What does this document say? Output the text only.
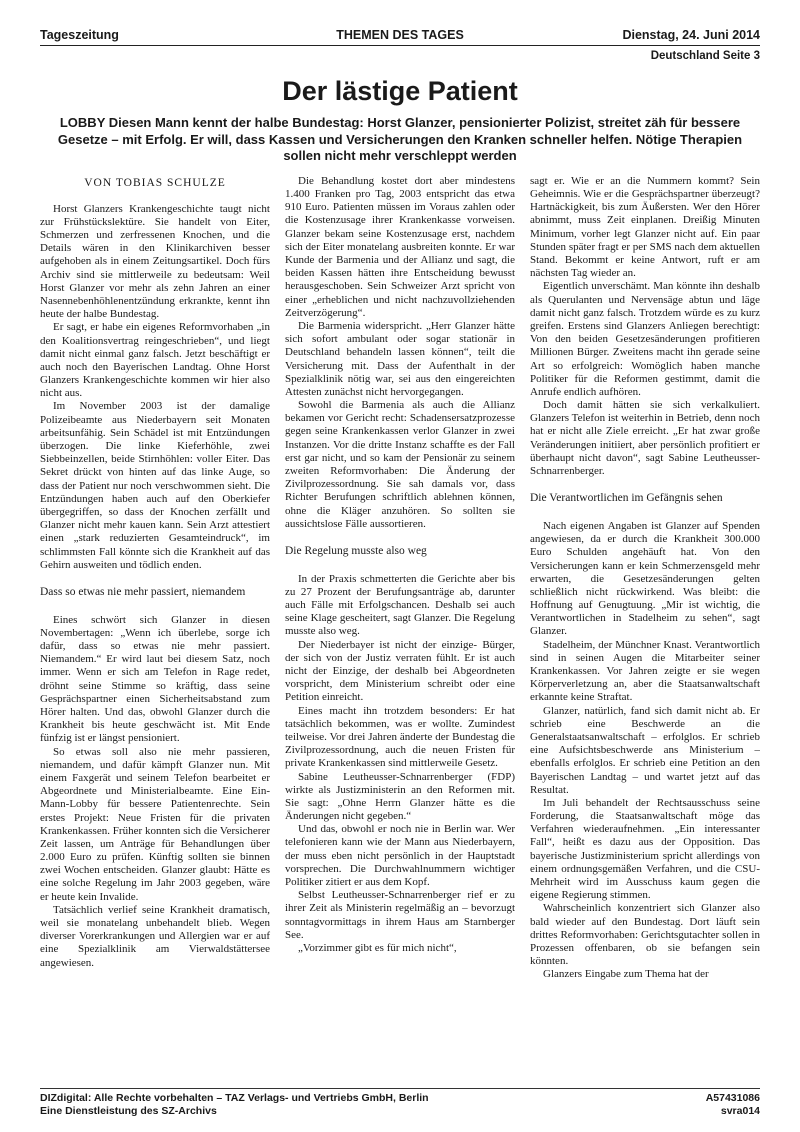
Tageszeitung	THEMEN DES TAGES	Dienstag, 24. Juni 2014
Deutschland Seite 3
Der lästige Patient

LOBBY Diesen Mann kennt der halbe Bundestag: Horst Glanzer, pensionierter Polizist, streitet zäh für bessere Gesetze – mit Erfolg. Er will, dass Kassen und Versicherungen den Kranken schneller helfen. Nötige Therapien sollen nicht mehr verschleppt werden

VON TOBIAS SCHULZE

Horst Glanzers Krankengeschichte taugt nicht zur Frühstückslektüre. Sie handelt von Eiter, Schmerzen und zerfressenen Knochen, und die Details wären in den Klinikarchiven besser aufgehoben als in einem Zeitungsartikel. Doch fürs Archiv sind sie mittlerweile zu bedeutsam: Weil Horst Glanzer vor mehr als zehn Jahren an einer Nasennebenhöhlenentzündung erkrankte, kennt ihn heute der halbe Bundestag.

Er sagt, er habe ein eigenes Reformvorhaben „in den Koalitionsvertrag reingeschrieben“, und liegt damit nicht einmal ganz falsch. Jetzt beschäftigt er auch noch den Bayerischen Landtag. Ohne Horst Glanzers Krankengeschichte kommen wir hier also nicht aus.

Im November 2003 ist der damalige Polizeibeamte aus Niederbayern seit Monaten arbeitsunfähig. Sein Schädel ist mit Entzündungen überzogen. Die linke Kieferhöhle, zwei Siebbeinzellen, beide Stirnhöhlen: voller Eiter. Das Sekret drückt von hinten auf das linke Auge, so dass der Patient nur noch verschwommen sieht. Die Entzündungen haben auch auf den Oberkiefer übergegriffen, so dass der Knochen zerfällt und Glanzer nicht mehr kauen kann. Sein Arzt attestiert einen „stark reduzierten Gesamteindruck“, im schlimmsten Fall könnte sich die Krankheit auf das Gehirn ausweiten und tödlich enden.

Dass so etwas nie mehr passiert, niemandem

Eines schwört sich Glanzer in diesen Novembertagen: „Wenn ich überlebe, sorge ich dafür, dass so etwas nie mehr passiert. Niemandem.“ Er wird laut bei diesem Satz, noch immer. Wenn er sich am Telefon in Rage redet, dröhnt seine Stimme so kräftig, dass seine Gesprächspartner einen Sicherheitsabstand zum Hörer halten. Und das, obwohl Glanzer durch die Krankheit bis heute geschwächt ist. Mit Ende fünfzig ist er längst pensioniert.

So etwas soll also nie mehr passieren, niemandem, und dafür kämpft Glanzer nun. Mit einem Faxgerät und seinem Telefon bearbeitet er Abgeordnete und Ministerialbeamte. Eine Ein-Mann-Lobby für bessere Patientenrechte. Sein erstes Projekt: Neue Fristen für die privaten Krankenkassen. Früher konnten sich die Versicherer Zeit lassen, um Anträge für Behandlungen über 2.000 Euro zu prüfen. Künftig sollten sie binnen zwei Wochen entscheiden. Glanzer glaubt: Hätte es eine solche Regelung im Jahr 2003 gegeben, wäre er heute kein Invalide.

Tatsächlich verlief seine Krankheit dramatisch, weil sie monatelang unbehandelt blieb. Wegen diverser Vorerkrankungen und Allergien war er auf eine Spezialklinik am Vierwaldstättersee angewiesen.

Die Behandlung kostet dort aber mindestens 1.400 Franken pro Tag, 2003 entspricht das etwa 910 Euro. Patienten müssen im Voraus zahlen oder die Kostenzusage ihrer Krankenkasse vorweisen. Glanzer bekam seine Kostenzusage erst, nachdem sich der Eiter monatelang ausbreiten konnte. Er war Kunde der Barmenia und der Allianz und sagt, die beiden Kassen hätten ihre Entscheidung bewusst herausgeschoben. Sein Schweizer Arzt spricht von einer „erheblichen und nicht nachzuvollziehenden Zeitverzögerung“.

Die Barmenia widerspricht. „Herr Glanzer hätte sich sofort ambulant oder sogar stationär in Deutschland behandeln lassen können“, teilt die Versicherung mit. Dass der Aufenthalt in der Spezialklinik nötig war, sei aus den eingereichten Attesten zunächst nicht hervorgegangen.

Sowohl die Barmenia als auch die Allianz bekamen vor Gericht recht: Schadensersatzprozesse gegen seine Krankenkassen verlor Glanzer in zwei Instanzen. Vor die dritte Instanz schaffte es der Fall erst gar nicht, und so kam der Pensionär zu seinem zweiten Reformvorhaben: Die Änderung der Zivilprozessordnung. Sie sah damals vor, dass Richter Berufungen schriftlich ablehnen können, ohne die Kläger anzuhören. So sollten sie aussichtslose Fälle aussortieren.

Die Regelung musste also weg

In der Praxis schmetterten die Gerichte aber bis zu 27 Prozent der Berufungsanträge ab, darunter auch Fälle mit Erfolgschancen. Deshalb sei auch seine Klage gescheitert, sagt Glanzer. Die Regelung musste also weg.

Der Niederbayer ist nicht der einzige- Bürger, der sich von der Justiz verraten fühlt. Er ist auch nicht der Einzige, der deshalb bei Abgeordneten vorspricht, dem Ministerium schreibt oder eine Petition einreicht.

Eines macht ihn trotzdem besonders: Er hat tatsächlich bekommen, was er wollte. Zumindest teilweise. Vor drei Jahren änderte der Bundestag die Zivilprozessordnung, auch die neuen Fristen für private Krankenkassen sind mittlerweile Gesetz.

Sabine Leutheusser-Schnarrenberger (FDP) wirkte als Justizministerin an den Reformen mit. Sie sagt: „Ohne Herrn Glanzer hätte es die Änderungen nicht gegeben.“

Und das, obwohl er noch nie in Berlin war. Wer telefonieren kann wie der Mann aus Niederbayern, der muss eben nicht persönlich in der Hauptstadt vorsprechen. Die Durchwahlnummern wichtiger Politiker zitiert er aus dem Kopf.

Selbst Leutheusser-Schnarrenberger rief er zu ihrer Zeit als Ministerin regelmäßig an – bevorzugt sonntagvormittags in ihrem Haus am Starnberger See.

„Vorzimmer gibt es für mich nicht“,

sagt er. Wie er an die Nummern kommt? Sein Geheimnis. Wie er die Gesprächspartner überzeugt? Hartnäckigkeit, bis zum Äußersten. Wer den Hörer abnimmt, muss Zeit einplanen. Dreißig Minuten Minimum, vorher legt Glanzer nicht auf. Ein paar Stunden später fragt er per SMS nach dem aktuellen Stand. Bekommt er keine Antwort, ruft er am nächsten Tag wieder an.

Eigentlich unverschämt. Man könnte ihn deshalb als Querulanten und Nervensäge abtun und läge damit nicht ganz falsch. Trotzdem würde es zu kurz greifen. Erstens sind Glanzers Anliegen berechtigt: Von den beiden Gesetzesänderungen profitieren Millionen Bürger. Zweitens macht ihn gerade seine Art so erfolgreich: Womöglich haben manche Politiker für die Reformen gestimmt, damit die Anrufe endlich aufhören.

Doch damit hätten sie sich verkalkuliert. Glanzers Telefon ist weiterhin in Betrieb, denn noch hat er nicht alle Ziele erreicht. „Er hat zwar große Veränderungen initiiert, aber persönlich profitiert er überhaupt nicht davon“, sagt Sabine Leutheusser-Schnarrenberger.

Die Verantwortlichen im Gefängnis sehen

Nach eigenen Angaben ist Glanzer auf Spenden angewiesen, da er durch die Krankheit 300.000 Euro Schulden angehäuft hat. Von den Versicherungen kann er kein Schmerzensgeld mehr erwarten, die Gesetzesänderungen gelten schließlich nicht rückwirkend. Was bleibt: die Hoffnung auf Genugtuung. „Mir ist wichtig, die Verantwortlichen in Stadelheim zu sehen“, sagt Glanzer.

Stadelheim, der Münchner Knast. Verantwortlich sind in seinen Augen die Mitarbeiter seiner Krankenkassen. Vor Jahren zeigte er sie wegen Körperverletzung an, aber die Staatsanwaltschaft erkannte keine Straftat.

Glanzer, natürlich, fand sich damit nicht ab. Er schrieb eine Beschwerde an die Generalstaatsanwaltschaft – erfolglos. Er schrieb eine Aufsichtsbeschwerde ans Ministerium – ebenfalls erfolglos. Er schrieb eine Petition an den Bayerischen Landtag – und wartet jetzt auf das Resultat.

Im Juli behandelt der Rechtsausschuss seine Forderung, die Staatsanwaltschaft möge das Verfahren wiederaufnehmen. „Ein interessanter Fall“, heißt es dazu aus der Opposition. Das bayerische Justizministerium spricht allerdings von einem ordnungsgemäßen Verfahren, und die CSU-Mehrheit wird im Ausschuss kaum gegen die eigene Regierung stimmen.

Wahrscheinlich konzentriert sich Glanzer also bald wieder auf den Bundestag. Dort läuft sein drittes Reformvorhaben: Gerichtsgutachter sollen in Prozessen offenbaren, ob sie befangen sein könnten.

Glanzers Eingabe zum Thema hat der

DIZdigital: Alle Rechte vorbehalten – TAZ Verlags- und Vertriebs GmbH, Berlin
Eine Dienstleistung des SZ-Archivs
A57431086
svra014
